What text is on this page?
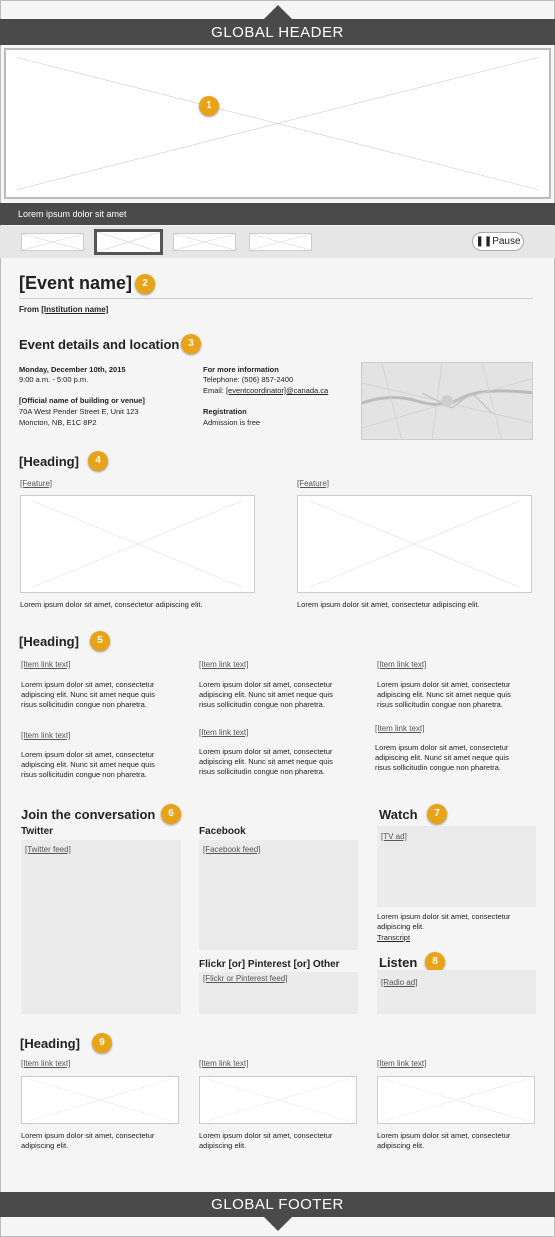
GLOBAL HEADER
1
Lorem ipsum dolor sit amet
❚❚Pause
[Event name]	2
From [Institution name]
Event details and location 3
Monday, December 10th, 2015
9:00 a.m. - 5:00 p.m.
[Official name of building or venue]
70A West Pender Street E, Unit 123
Moncton, NB, E1C 8P2
For more information
Telephone: (506) 857-2400
Email: [eventcoordinator]@canada.ca
Registration
Admission is free
[Heading]	4
[Feature]
Lorem ipsum dolor sit amet, consectetur adipiscing elit.
[Feature]
Lorem ipsum dolor sit amet, consectetur adipiscing elit.
[Heading]	5
[Item link text]
Lorem ipsum dolor sit amet, consectetur adipiscing elit. Nunc sit amet neque quis risus sollicitudin congue non pharetra.
[Item link text]
Lorem ipsum dolor sit amet, consectetur adipiscing elit. Nunc sit amet neque quis risus sollicitudin congue non pharetra.
[Item link text]
Lorem ipsum dolor sit amet, consectetur adipiscing elit. Nunc sit amet neque quis risus sollicitudin congue non pharetra.
[Item link text]
Lorem ipsum dolor sit amet, consectetur adipiscing elit. Nunc sit amet neque quis risus sollicitudin congue non pharetra.
[Item link text]
Lorem ipsum dolor sit amet, consectetur adipiscing elit. Nunc sit amet neque quis risus sollicitudin congue non pharetra.
[Item link text]
Lorem ipsum dolor sit amet, consectetur adipiscing elit. Nunc sit amet neque quis risus sollicitudin congue non pharetra.
Join the conversation	6
Twitter
[Twitter feed]
Facebook
[Facebook feed]
Flickr [or] Pinterest [or] Other
[Flickr or Pinterest feed]
Watch	7
[TV ad]
Lorem ipsum dolor sit amet, consectetur adipiscing elit.
Transcript
Listen	8
[Radio ad]
[Heading]	9
[Item link text]
Lorem ipsum dolor sit amet, consectetur adipiscing elit.
[Item link text]
Lorem ipsum dolor sit amet, consectetur adipiscing elit.
[Item link text]
Lorem ipsum dolor sit amet, consectetur adipiscing elit.
GLOBAL FOOTER
